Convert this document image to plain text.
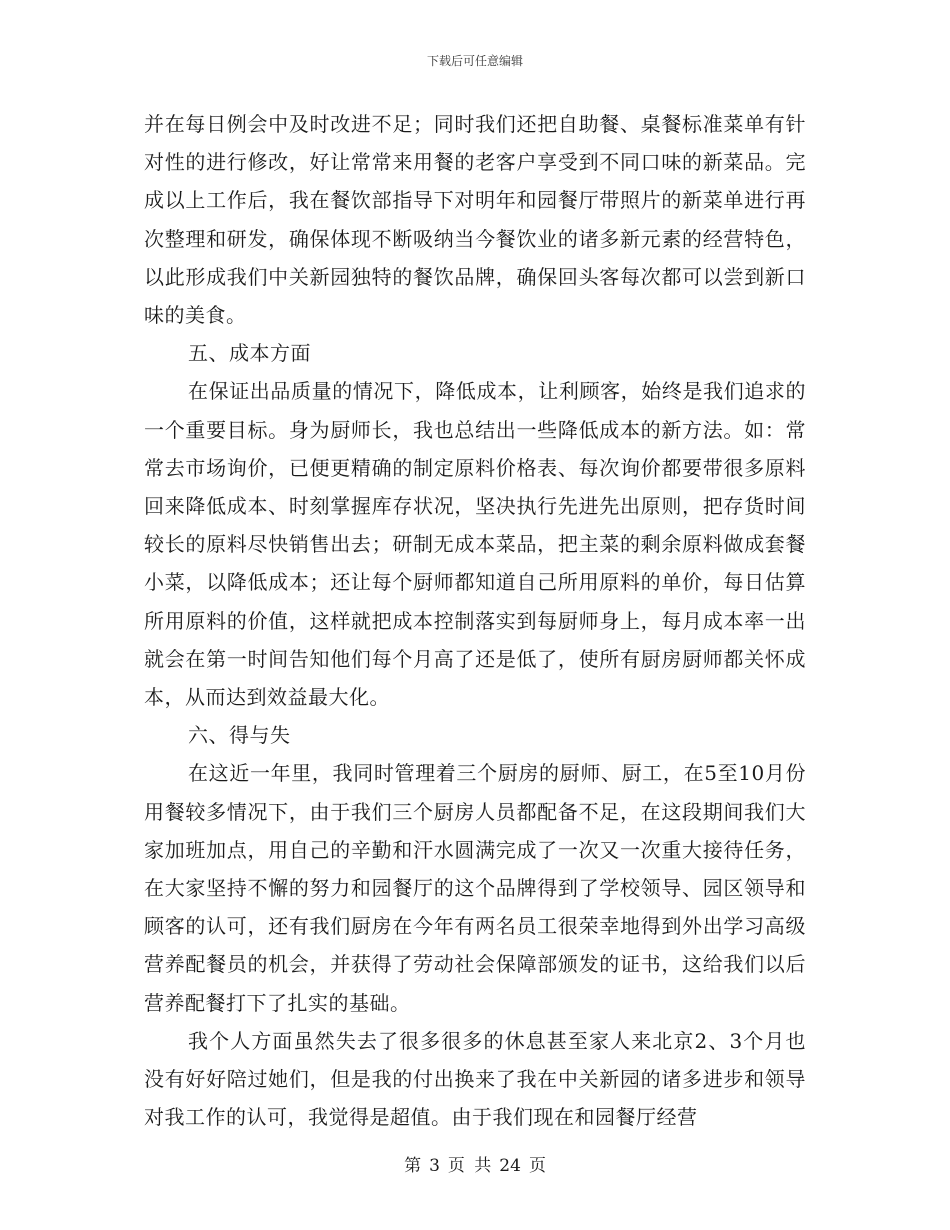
下载后可任意编辑

并在每日例会中及时改进不足；同时我们还把自助餐、桌餐标准菜单有针对性的进行修改，好让常常来用餐的老客户享受到不同口味的新菜品。完成以上工作后，我在餐饮部指导下对明年和园餐厅带照片的新菜单进行再次整理和研发，确保体现不断吸纳当今餐饮业的诸多新元素的经营特色，以此形成我们中关新园独特的餐饮品牌，确保回头客每次都可以尝到新口味的美食。

五、成本方面

在保证出品质量的情况下，降低成本，让利顾客，始终是我们追求的一个重要目标。身为厨师长，我也总结出一些降低成本的新方法。如：常常去市场询价，已便更精确的制定原料价格表、每次询价都要带很多原料回来降低成本、时刻掌握库存状况，坚决执行先进先出原则，把存货时间较长的原料尽快销售出去；研制无成本菜品，把主菜的剩余原料做成套餐小菜，以降低成本；还让每个厨师都知道自己所用原料的单价，每日估算所用原料的价值，这样就把成本控制落实到每厨师身上，每月成本率一出就会在第一时间告知他们每个月高了还是低了，使所有厨房厨师都关怀成本，从而达到效益最大化。

六、得与失

在这近一年里，我同时管理着三个厨房的厨师、厨工，在5至10月份用餐较多情况下，由于我们三个厨房人员都配备不足，在这段期间我们大家加班加点，用自己的辛勤和汗水圆满完成了一次又一次重大接待任务，在大家坚持不懈的努力和园餐厅的这个品牌得到了学校领导、园区领导和顾客的认可，还有我们厨房在今年有两名员工很荣幸地得到外出学习高级营养配餐员的机会，并获得了劳动社会保障部颁发的证书，这给我们以后营养配餐打下了扎实的基础。

我个人方面虽然失去了很多很多的休息甚至家人来北京2、3个月也没有好好陪过她们，但是我的付出换来了我在中关新园的诸多进步和领导对我工作的认可，我觉得是超值。由于我们现在和园餐厅经营

第 3 页 共 24 页
